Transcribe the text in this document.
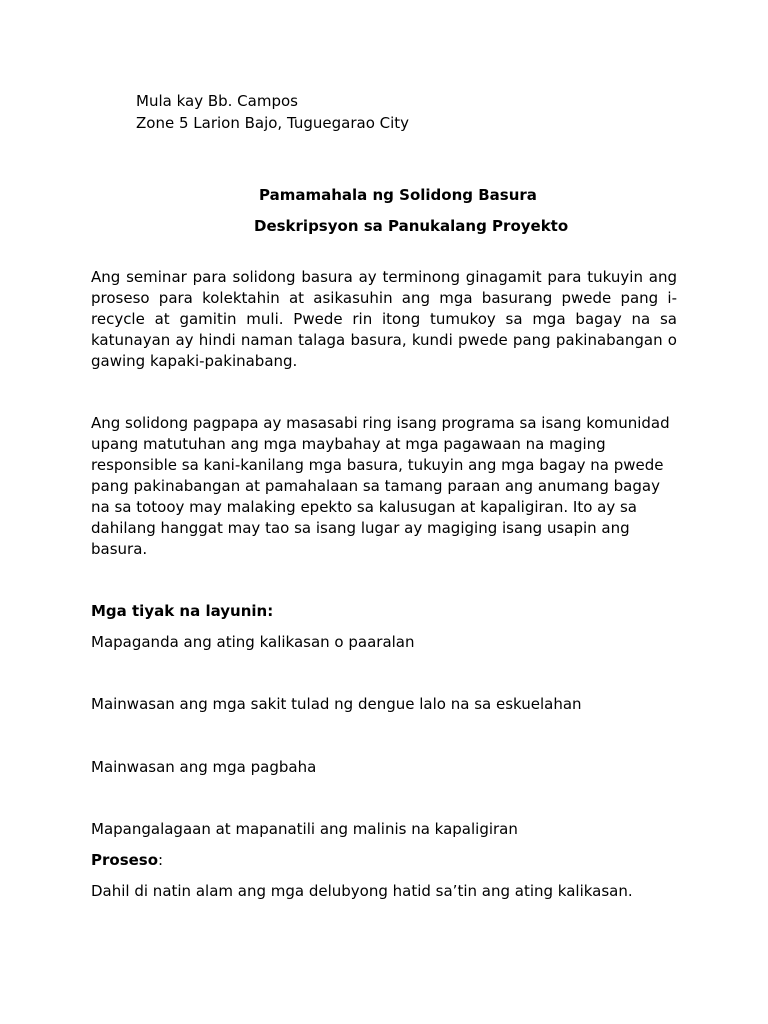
Mula kay Bb. Campos
Zone 5 Larion Bajo, Tuguegarao City
Pamamahala ng Solidong Basura
Deskripsyon sa Panukalang Proyekto
Ang seminar para solidong basura ay terminong ginagamit para tukuyin ang proseso para kolektahin at asikasuhin ang mga basurang pwede pang i-recycle at gamitin muli. Pwede rin itong tumukoy sa mga bagay na sa katunayan ay hindi naman talaga basura, kundi pwede pang pakinabangan o gawing kapaki-pakinabang.
Ang solidong pagpapa ay masasabi ring isang programa sa isang komunidad upang matutuhan ang mga maybahay at mga pagawaan na maging responsible sa kani-kanilang mga basura, tukuyin ang mga bagay na pwede pang pakinabangan at pamahalaan sa tamang paraan ang anumang bagay na sa totooy may malaking epekto sa kalusugan at kapaligiran. Ito ay sa dahilang hanggat may tao sa isang lugar ay magiging isang usapin ang basura.
Mga tiyak na layunin:
Mapaganda ang ating kalikasan o paaralan
Mainwasan ang mga sakit tulad ng dengue lalo na sa eskuelahan
Mainwasan ang mga pagbaha
Mapangalagaan at mapanatili ang malinis na kapaligiran
Proseso:
Dahil di natin alam ang mga delubyong hatid sa’tin ang ating kalikasan.
